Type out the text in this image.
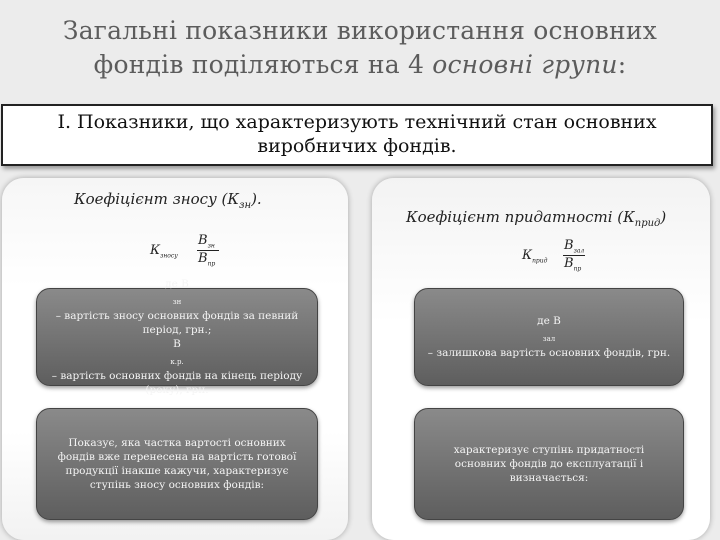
Загальні показники використання основних
фондів поділяються на 4 основні групи:
І. Показники, що характеризують технічний стан основних
виробничих фондів.
Коефіцієнт зносу $(К_{зн})$.
$К_{зносу}$
$В_{зн}$
$В_{пр}$
де В
$_{зн}$
– вартість зносу основних фондів за певний період, грн.;
В
$_{к.р.}$
– вартість основних фондів на кінець періоду (року), грн.
Показує, яка частка вартості основних фондів вже перенесена на вартість готової продукції інакше кажучи, характеризує ступінь зносу основних фондів:
Коефіцієнт придатності $(К_{прид})$
$К_{прид}$
$В_{зал}$
$В_{пр}$
де В
$_{зал}$
– залишкова вартість основних фондів, грн.
характеризує ступінь придатності основних фондів до експлуатації і визначається:
